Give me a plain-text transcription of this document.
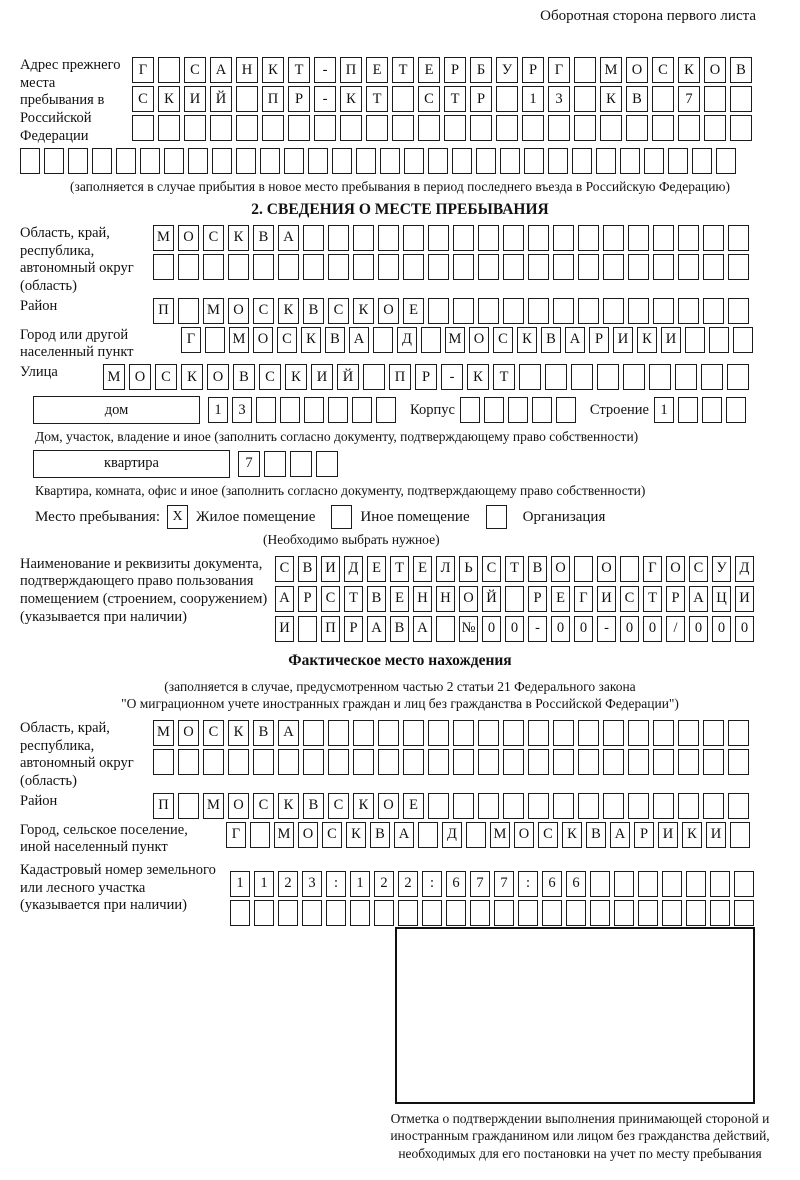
Оборотная сторона первого листа
Адрес прежнего места пребывания в Российской Федерации
Г	С	А	Н	К	Т	-	П	Е	Т	Е	Р	Б	У	Р	Г	М О	С	К	О	В
С	К	И	Й	П	Р	-	К	Т	С	Т	Р	1	3	К	В	7
(заполняется в случае прибытия в новое место пребывания в период последнего въезда в Российскую Федерацию)
2. СВЕДЕНИЯ О МЕСТЕ ПРЕБЫВАНИЯ
Область, край, республика, автономный округ (область)
М О	С	К	В	А
Район	П	М О	С	К	В	С	К	О	Е
Город или другой населенный пункт
Г	М О С К В А	Д	М О С К В А	Р	И К И
Улица	М О	С	К	О	В	С	К	И	Й	П	Р	-	К	Т
дом	1	3	Корпус	Строение 1
Дом, участок, владение и иное (заполнить согласно документу, подтверждающему право собственности)
квартира	7
Квартира, комната, офис и иное (заполнить согласно документу, подтверждающему право собственности)
Место пребывания: X Жилое помещение	Иное помещение	Организация
(Необходимо выбрать нужное)
Наименование и реквизиты документа, подтверждающего право пользования помещением (строением, сооружением) (указывается при наличии)
С В И Д Е Т Е Л Ь С Т В О О	Г О С У Д
А Р С Т В Е Н Н О Й	Р	Е Г И С Т	Р А Ц И
И П Р А В А № 0	0	-	0	0	-	0	0	/	0	0	0
Фактическое место нахождения
(заполняется в случае, предусмотренном частью 2 статьи 21 Федерального закона
"О миграционном учете иностранных граждан и лиц без гражданства в Российской Федерации")
Область, край, республика, автономный округ (область)
М О	С	К	В	А
Район	П	М О	С	К	В	С	К	О	Е
Город, сельское поселение, иной населенный пункт
Г	М О С К В А	Д	М О С К В А	Р	И К И
Кадастровый номер земельного или лесного участка (указывается при наличии)
1	1	2	3	:	1	2	2	:	6	7	7	:	6	6
Отметка о подтверждении выполнения принимающей стороной и иностранным гражданином или лицом без гражданства действий, необходимых для его постановки на учет по месту пребывания
